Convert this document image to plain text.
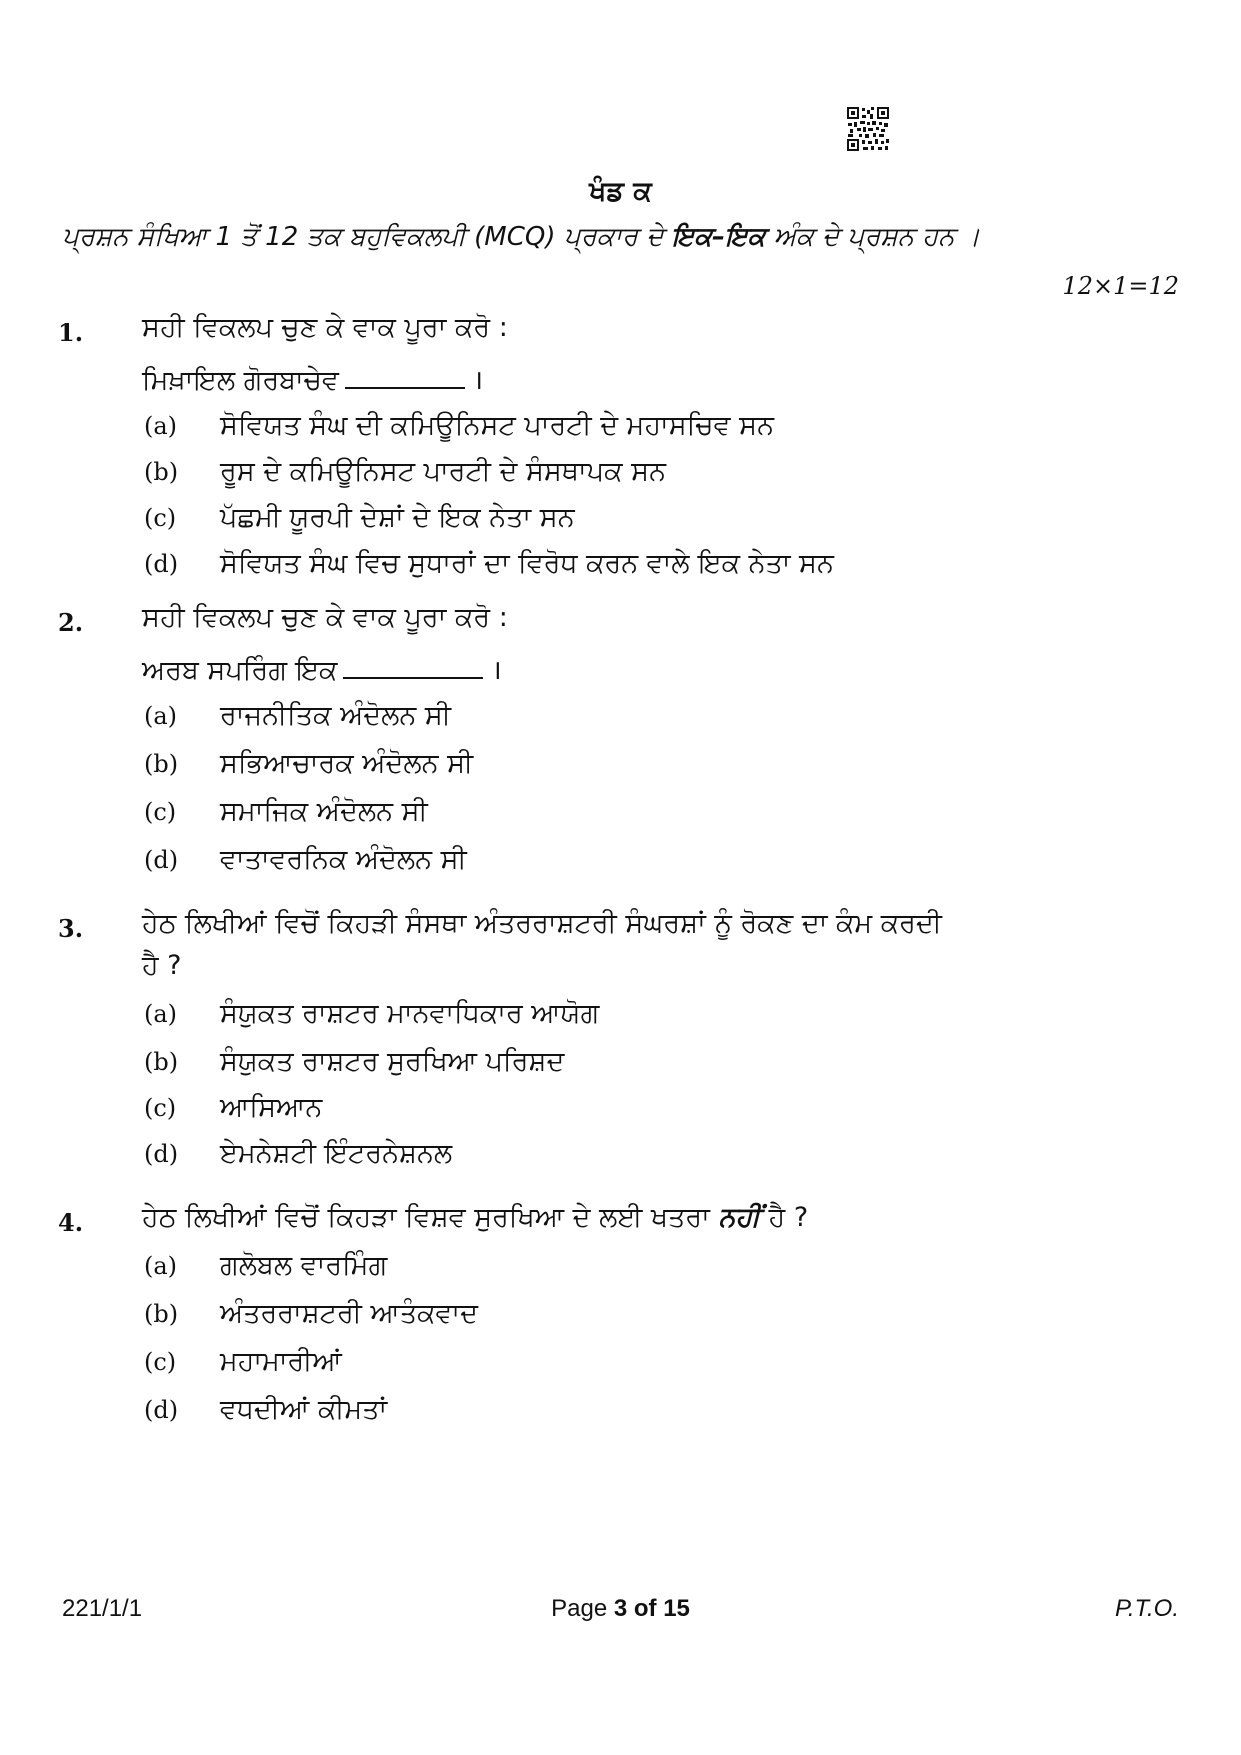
ਖੰਡ ਕ
ਪ੍ਰਸ਼ਨ ਸੰਖਿਆ 1 ਤੋਂ 12 ਤਕ ਬਹੁਵਿਕਲਪੀ (MCQ) ਪ੍ਰਕਾਰ ਦੇ ਇਕ–ਇਕ ਅੰਕ ਦੇ ਪ੍ਰਸ਼ਨ ਹਨ ।
12×1=12
1. ਸਹੀ ਵਿਕਲਪ ਚੁਣ ਕੇ ਵਾਕ ਪੂਰਾ ਕਰੋ :
ਮਿਖ਼ਾਇਲ ਗੋਰਬਾਚੇਵ	।
(a) ਸੋਵਿਯਤ ਸੰਘ ਦੀ ਕਮਿਊਨਿਸਟ ਪਾਰਟੀ ਦੇ ਮਹਾਸਚਿਵ ਸਨ
(b) ਰੂਸ ਦੇ ਕਮਿਊਨਿਸਟ ਪਾਰਟੀ ਦੇ ਸੰਸਥਾਪਕ ਸਨ
(c) ਪੱਛਮੀ ਯੂਰਪੀ ਦੇਸ਼ਾਂ ਦੇ ਇਕ ਨੇਤਾ ਸਨ
(d) ਸੋਵਿਯਤ ਸੰਘ ਵਿਚ ਸੁਧਾਰਾਂ ਦਾ ਵਿਰੋਧ ਕਰਨ ਵਾਲੇ ਇਕ ਨੇਤਾ ਸਨ
2. ਸਹੀ ਵਿਕਲਪ ਚੁਣ ਕੇ ਵਾਕ ਪੂਰਾ ਕਰੋ :
ਅਰਬ ਸਪਰਿੰਗ ਇਕ	।
(a) ਰਾਜਨੀਤਿਕ ਅੰਦੋਲਨ ਸੀ
(b) ਸਭਿਆਚਾਰਕ ਅੰਦੋਲਨ ਸੀ
(c) ਸਮਾਜਿਕ ਅੰਦੋਲਨ ਸੀ
(d) ਵਾਤਾਵਰਨਿਕ ਅੰਦੋਲਨ ਸੀ
3. ਹੇਠ ਲਿਖੀਆਂ ਵਿਚੋਂ ਕਿਹੜੀ ਸੰਸਥਾ ਅੰਤਰਰਾਸ਼ਟਰੀ ਸੰਘਰਸ਼ਾਂ ਨੂੰ ਰੋਕਣ ਦਾ ਕੰਮ ਕਰਦੀ
ਹੈ ?
(a) ਸੰਯੁਕਤ ਰਾਸ਼ਟਰ ਮਾਨਵਾਧਿਕਾਰ ਆਯੋਗ
(b) ਸੰਯੁਕਤ ਰਾਸ਼ਟਰ ਸੁਰਖਿਆ ਪਰਿਸ਼ਦ
(c) ਆਸਿਆਨ
(d) ਏਮਨੇਸ਼ਟੀ ਇੰਟਰਨੇਸ਼ਨਲ
4. ਹੇਠ ਲਿਖੀਆਂ ਵਿਚੋਂ ਕਿਹੜਾ ਵਿਸ਼ਵ ਸੁਰਖਿਆ ਦੇ ਲਈ ਖਤਰਾ ਨਹੀਂ ਹੈ ?
(a) ਗਲੋਬਲ ਵਾਰਮਿੰਗ
(b) ਅੰਤਰਰਾਸ਼ਟਰੀ ਆਤੰਕਵਾਦ
(c) ਮਹਾਮਾਰੀਆਂ
(d) ਵਧਦੀਆਂ ਕੀਮਤਾਂ
221/1/1	Page 3 of 15	P.T.O.
